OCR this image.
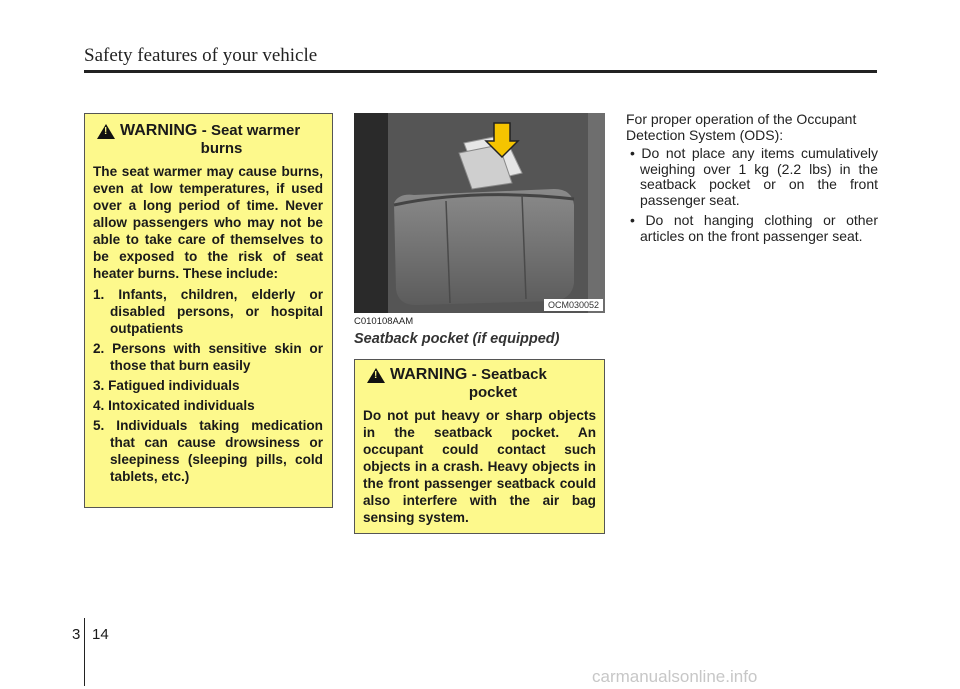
Safety features of your vehicle
!
WARNING - Seat warmer
burns

The seat warmer may cause burns, even at low temperatures, if used over a long period of time. Never allow passengers who may not be able to take care of themselves to be exposed to the risk of seat heater burns. These include:

1. Infants, children, elderly or disabled persons, or hospital outpatients
2. Persons with sensitive skin or those that burn easily
3. Fatigued individuals
4. Intoxicated individuals
5. Individuals taking medication that can cause drowsiness or sleepiness (sleeping pills, cold tablets, etc.)
OCM030052
C010108AAM
Seatback pocket (if equipped)
!
WARNING - Seatback
pocket

Do not put heavy or sharp objects in the seatback pocket. An occupant could contact such objects in a crash. Heavy objects in the front passenger seatback could also interfere with the air bag sensing system.

For proper operation of the Occupant Detection System (ODS):

• Do not place any items cumulatively weighing over 1 kg (2.2 lbs) in the seatback pocket or on the front passenger seat.
• Do not hanging clothing or other articles on the front passenger seat.
3 14
carmanualsonline.info
